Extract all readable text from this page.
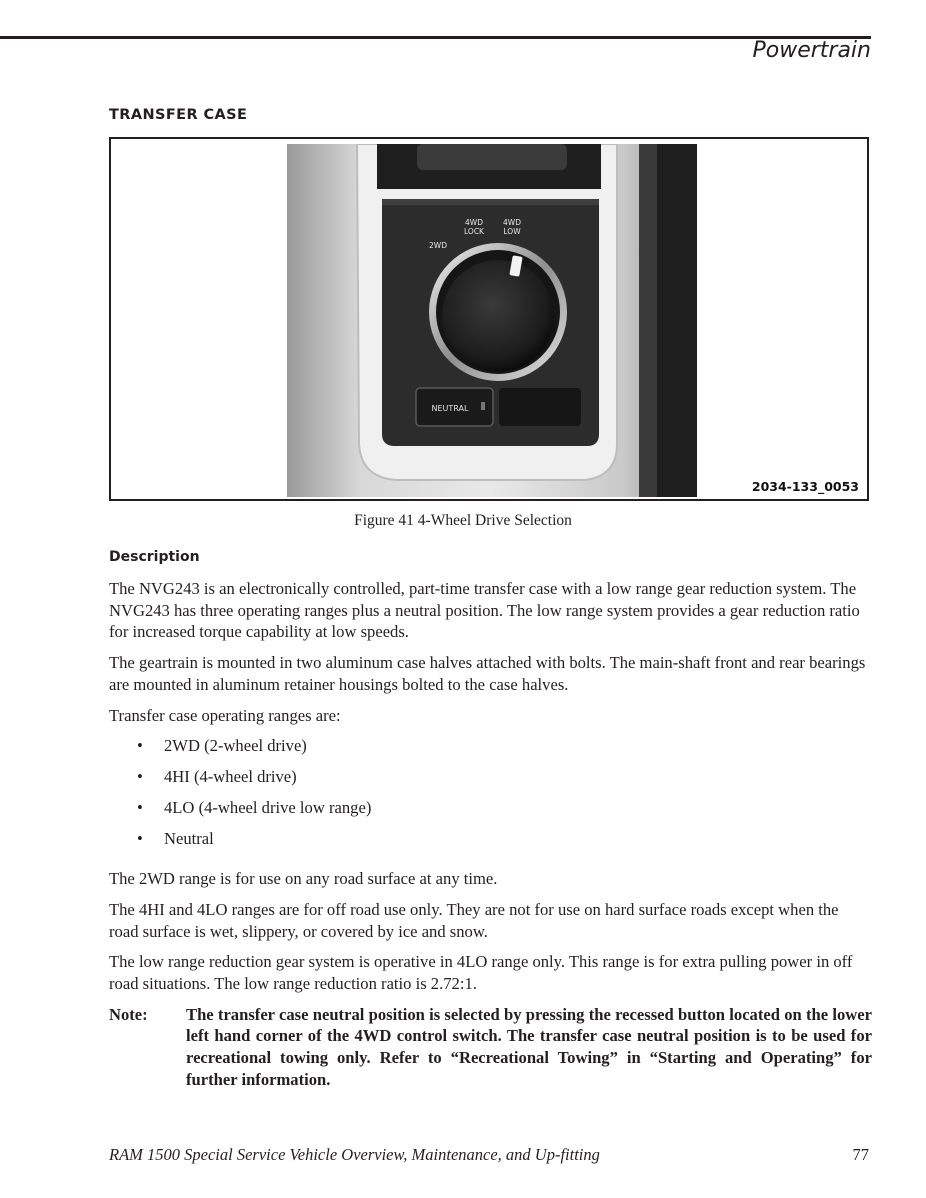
Powertrain
TRANSFER CASE
2WD
4WD
LOCK
4WD
LOW
NEUTRAL
2034-133_0053
Figure 41 4-Wheel Drive Selection
Description

The NVG243 is an electronically controlled, part-time transfer case with a low range gear reduction system. The NVG243 has three operating ranges plus a neutral position. The low range system provides a gear reduction ratio for increased torque capability at low speeds.

The geartrain is mounted in two aluminum case halves attached with bolts. The main-shaft front and rear bearings are mounted in aluminum retainer housings bolted to the case halves.

Transfer case operating ranges are:

• 2WD (2-wheel drive)
• 4HI (4-wheel drive)
• 4LO (4-wheel drive low range)
• Neutral

The 2WD range is for use on any road surface at any time.

The 4HI and 4LO ranges are for off road use only. They are not for use on hard surface roads except when the road surface is wet, slippery, or covered by ice and snow.

The low range reduction gear system is operative in 4LO range only. This range is for extra pulling power in off road situations. The low range reduction ratio is 2.72:1.

Note:	The transfer case neutral position is selected by pressing the recessed button located on the lower left hand corner of the 4WD control switch. The transfer case neutral position is to be used for recreational towing only. Refer to “Recreational Towing” in “Starting and Operating” for further information.
RAM 1500 Special Service Vehicle Overview, Maintenance, and Up-fitting	77
